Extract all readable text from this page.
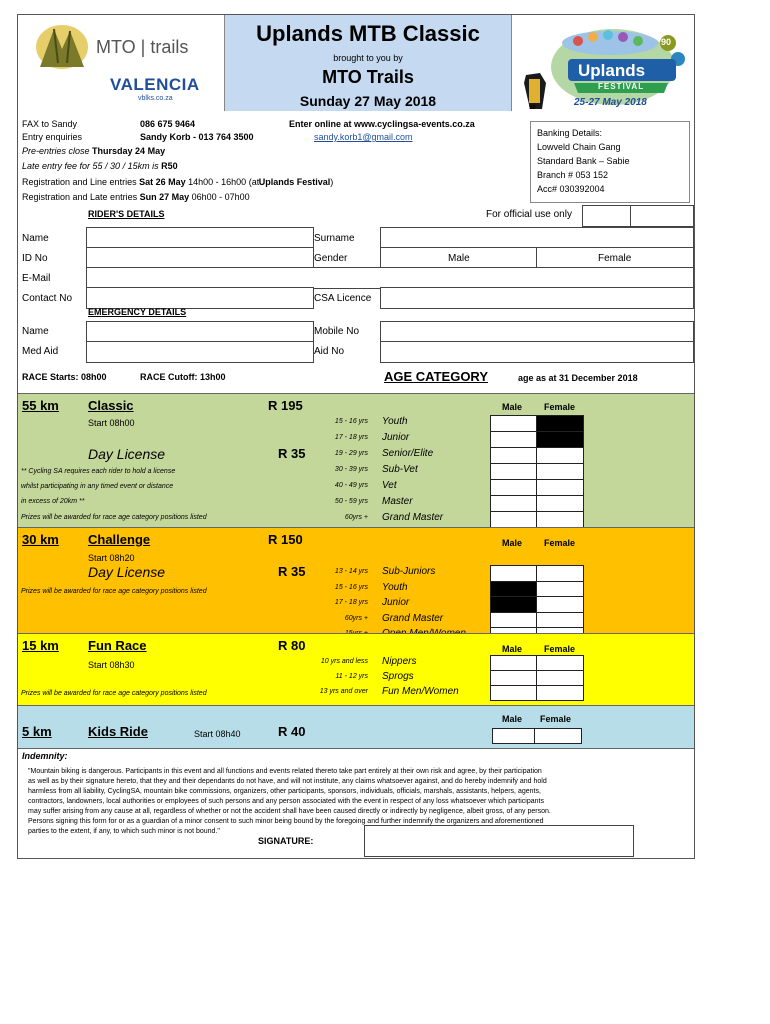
MTO | trails
VALENCIA
vblks.co.za
Uplands MTB Classic
brought to you by
MTO Trails
Sunday 27 May 2018
Uplands
FESTIVAL
25-27 May 2018
90
90
FAX to Sandy	086 675 9464	Enter online at www.cyclingsa-events.co.za
Entry enquiries	Sandy Korb - 013 764 3500	sandy.korb1@gmail.com
Pre-entries close Thursday 24 May
Late entry fee for 55 / 30 / 15km is R50
Registration and Line entries Sat 26 May 14h00 - 16h00 (at Uplands Festival)
Registration and Late entries Sun 27 May 06h00 - 07h00
Banking Details:
Lowveld Chain Gang
Standard Bank – Sabie
Branch # 053 152
Acc# 030392004
RIDER'S DETAILS	For official use only
Name	Surname
ID No	Gender	Male	Female
E-Mail
Contact No	CSA Licence
EMERGENCY DETAILS
Name	Mobile No
Med Aid	Aid No
RACE Starts: 08h00	RACE Cutoff: 13h00	AGE CATEGORY	age as at 31 December 2018
55 km Classic	R 195	Male Female
Start 08h00
Day License	R 35
** Cycling SA requires each rider to hold a license
whilst participating in any timed event or distance
in excess of 20km **
Prizes will be awarded for race age category positions listed
15 - 16 yrs Youth
17 - 18 yrs Junior
19 - 29 yrs Senior/Elite
30 - 39 yrs Sub-Vet
40 - 49 yrs Vet
50 - 59 yrs Master
60yrs + Grand Master
30 km Challenge	R 150	Male Female
Start 08h20
Day License	R 35
Prizes will be awarded for race age category positions listed
13 - 14 yrs Sub-Juniors
15 - 16 yrs Youth
17 - 18 yrs Junior
60yrs + Grand Master
15 km Fun Race	R 80	Male Female
Start 08h30
Prizes will be awarded for race age category positions listed
10 yrs and less Nippers
11 - 12 yrs Sprogs
13 yrs and over Fun Men/Women
5 km	Kids Ride	Start 08h40	R 40
Male Female
Indemnity:
"Mountain biking is dangerous. Participants in this event and all functions and events related thereto take part entirely at their own risk and agree, by their participation
as well as by their signature hereto, that they and their dependants do not have, and will not institute, any claims whatsoever against, and do hereby indemnify and hold
harmless from all liability, CyclingSA, mountain bike commissions, organizers, other participants, sponsors, individuals, officials, marshals, assistants, helpers, agents,
contractors, landowners, local authorities or employees of such persons and any person associated with the event in respect of any loss whatsoever which participants
may suffer arising from any cause at all, regardless of whether or not the accident shall have been caused directly or indirectly by negligence, albeit gross, of any person.
Persons signing this form for or as a guardian of a minor consent to such minor being bound by the foregoing and further indemnify the organizers and aforementioned
parties to the extent, if any, to which such minor is not bound."
SIGNATURE:
